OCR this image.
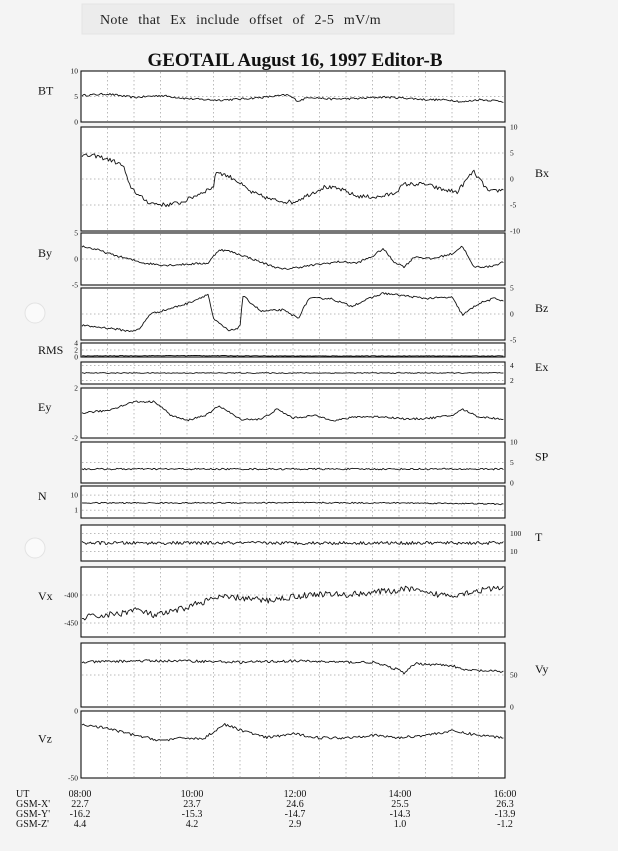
Note that Ex include offset of 2-5 mV/m
GEOTAIL August 16, 1997 Editor-B
10
5
0
BT
10
5
0
-5
-10
Bx
5
0
-5
By
5
0
-5
Bz
4
2
0
RMS
4
2
Ex
2
-2
Ey
10
5
0
SP
10
1
N
100
10
T
-400
-450
Vx
50
0
Vy
0
-50
Vz
UT	08:00	10:00	12:00	14:00	16:00
GSM-X' 22.7	23.7	24.6	25.5	26.3
GSM-Y' -16.2	-15.3	-14.7	-14.3	-13.9
GSM-Z' 4.4	4.2	2.9	1.0	-1.2
